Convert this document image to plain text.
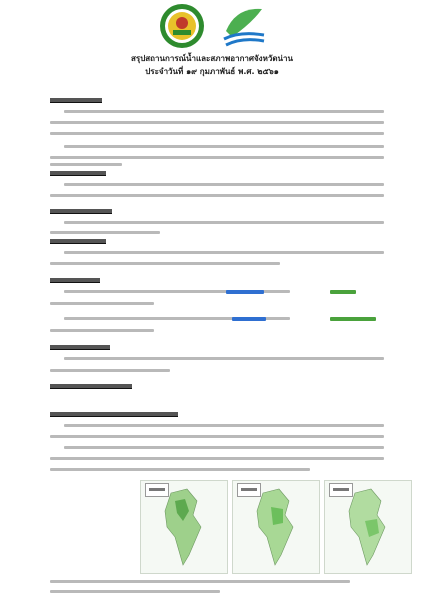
สรุปสถานการณ์น้ำและสภาพอากาศจังหวัดน่าน
ประจำวันที่ ๑๙ กุมภาพันธ์ พ.ศ. ๒๕๖๑
